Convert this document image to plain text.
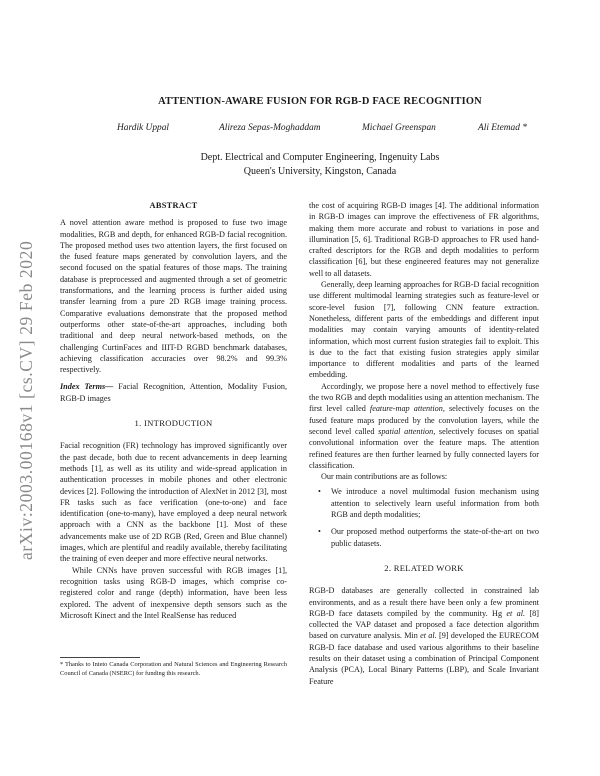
arXiv:2003.00168v1 [cs.CV] 29 Feb 2020
ATTENTION-AWARE FUSION FOR RGB-D FACE RECOGNITION
Hardik Uppal	Alireza Sepas-Moghaddam	Michael Greenspan	Ali Etemad *
Dept. Electrical and Computer Engineering, Ingenuity Labs
Queen's University, Kingston, Canada
ABSTRACT

A novel attention aware method is proposed to fuse two image modalities, RGB and depth, for enhanced RGB-D facial recognition. The proposed method uses two attention layers, the first focused on the fused feature maps generated by convolution layers, and the second focused on the spatial features of those maps. The training database is preprocessed and augmented through a set of geometric transformations, and the learning process is further aided using transfer learning from a pure 2D RGB image training process. Comparative evaluations demonstrate that the proposed method outperforms other state-of-the-art approaches, including both traditional and deep neural network-based methods, on the challenging CurtinFaces and IIIT-D RGBD benchmark databases, achieving classification accuracies over 98.2% and 99.3% respectively.

Index Terms— Facial Recognition, Attention, Modality Fusion, RGB-D images

1. INTRODUCTION

Facial recognition (FR) technology has improved significantly over the past decade, both due to recent advancements in deep learning methods [1], as well as its utility and wide-spread application in authentication processes in mobile phones and other electronic devices [2]. Following the introduction of AlexNet in 2012 [3], most FR tasks such as face verification (one-to-one) and face identification (one-to-many), have employed a deep neural network approach with a CNN as the backbone [1]. Most of these advancements make use of 2D RGB (Red, Green and Blue channel) images, which are plentiful and readily available, thereby facilitating the training of even deeper and more effective neural networks.

While CNNs have proven successful with RGB images [1], recognition tasks using RGB-D images, which comprise co-registered color and range (depth) information, have been less explored. The advent of inexpensive depth sensors such as the Microsoft Kinect and the Intel RealSense has reduced

the cost of acquiring RGB-D images [4]. The additional information in RGB-D images can improve the effectiveness of FR algorithms, making them more accurate and robust to variations in pose and illumination [5, 6]. Traditional RGB-D approaches to FR used hand-crafted descriptors for the RGB and depth modalities to perform classification [6], but these engineered features may not generalize well to all datasets.

Generally, deep learning approaches for RGB-D facial recognition use different multimodal learning strategies such as feature-level or score-level fusion [7], following CNN feature extraction. Nonetheless, different parts of the embeddings and different input modalities may contain varying amounts of identity-related information, which most current fusion strategies fail to exploit. This is due to the fact that existing fusion strategies apply similar importance to different modalities and parts of the learned embedding.

Accordingly, we propose here a novel method to effectively fuse the two RGB and depth modalities using an attention mechanism. The first level called feature-map attention, selectively focuses on the fused feature maps produced by the convolution layers, while the second level called spatial attention, selectively focuses on spatial convolutional information over the feature maps. The attention refined features are then further learned by fully connected layers for classification.

Our main contributions are as follows:

• We introduce a novel multimodal fusion mechanism using attention to selectively learn useful information from both RGB and depth modalities;
• Our proposed method outperforms the state-of-the-art on two public datasets.
2. RELATED WORK

RGB-D databases are generally collected in constrained lab environments, and as a result there have been only a few prominent RGB-D face datasets compiled by the community. Hg et al. [8] collected the VAP dataset and proposed a face detection algorithm based on curvature analysis. Min et al. [9] developed the EURECOM RGB-D face database and used various algorithms to their baseline results on their dataset using a combination of Principal Component Analysis (PCA), Local Binary Patterns (LBP), and Scale Invariant Feature

* Thanks to Inteto Canada Corporation and Natural Sciences and Engineering Research Council of Canada (NSERC) for funding this research.
